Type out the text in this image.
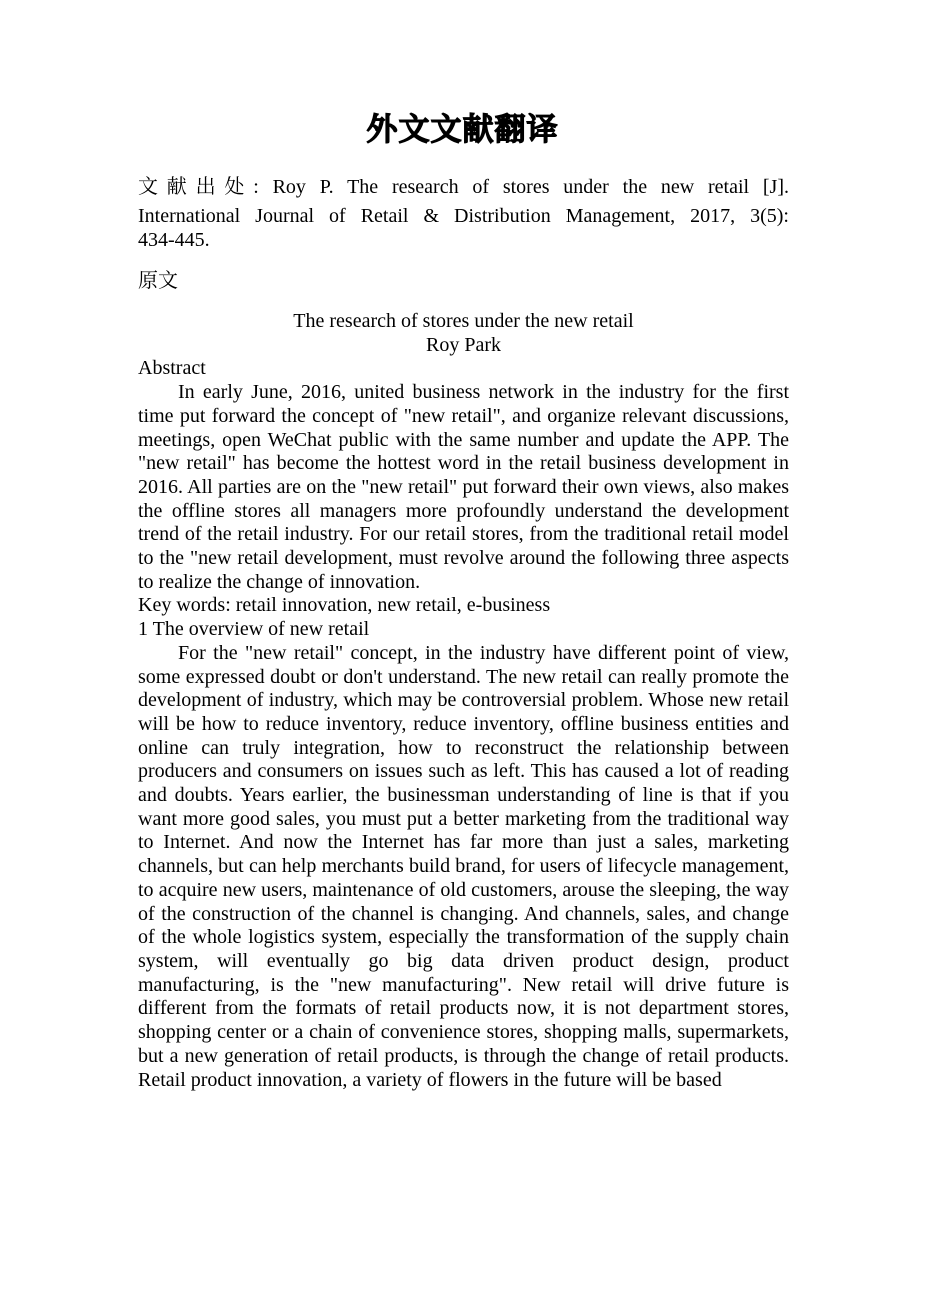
外文文献翻译
文献出处: Roy P. The research of stores under the new retail [J].
International Journal of Retail & Distribution Management, 2017, 3(5):
434-445.
原文
The research of stores under the new retail
Roy Park
Abstract

In early June, 2016, united business network in the industry for the first time put forward the concept of "new retail", and organize relevant discussions, meetings, open WeChat public with the same number and update the APP. The "new retail" has become the hottest word in the retail business development in 2016. All parties are on the "new retail" put forward their own views, also makes the offline stores all managers more profoundly understand the development trend of the retail industry. For our retail stores, from the traditional retail model to the "new retail development, must revolve around the following three aspects to realize the change of innovation.

Key words: retail innovation, new retail, e-business
1 The overview of new retail

For the "new retail" concept, in the industry have different point of view, some expressed doubt or don't understand. The new retail can really promote the development of industry, which may be controversial problem. Whose new retail will be how to reduce inventory, reduce inventory, offline business entities and online can truly integration, how to reconstruct the relationship between producers and consumers on issues such as left. This has caused a lot of reading and doubts. Years earlier, the businessman understanding of line is that if you want more good sales, you must put a better marketing from the traditional way to Internet. And now the Internet has far more than just a sales, marketing channels, but can help merchants build brand, for users of lifecycle management, to acquire new users, maintenance of old customers, arouse the sleeping, the way of the construction of the channel is changing. And channels, sales, and change of the whole logistics system, especially the transformation of the supply chain system, will eventually go big data driven product design, product manufacturing, is the "new manufacturing". New retail will drive future is different from the formats of retail products now, it is not department stores, shopping center or a chain of convenience stores, shopping malls, supermarkets, but a new generation of retail products, is through the change of retail products. Retail product innovation, a variety of flowers in the future will be based
